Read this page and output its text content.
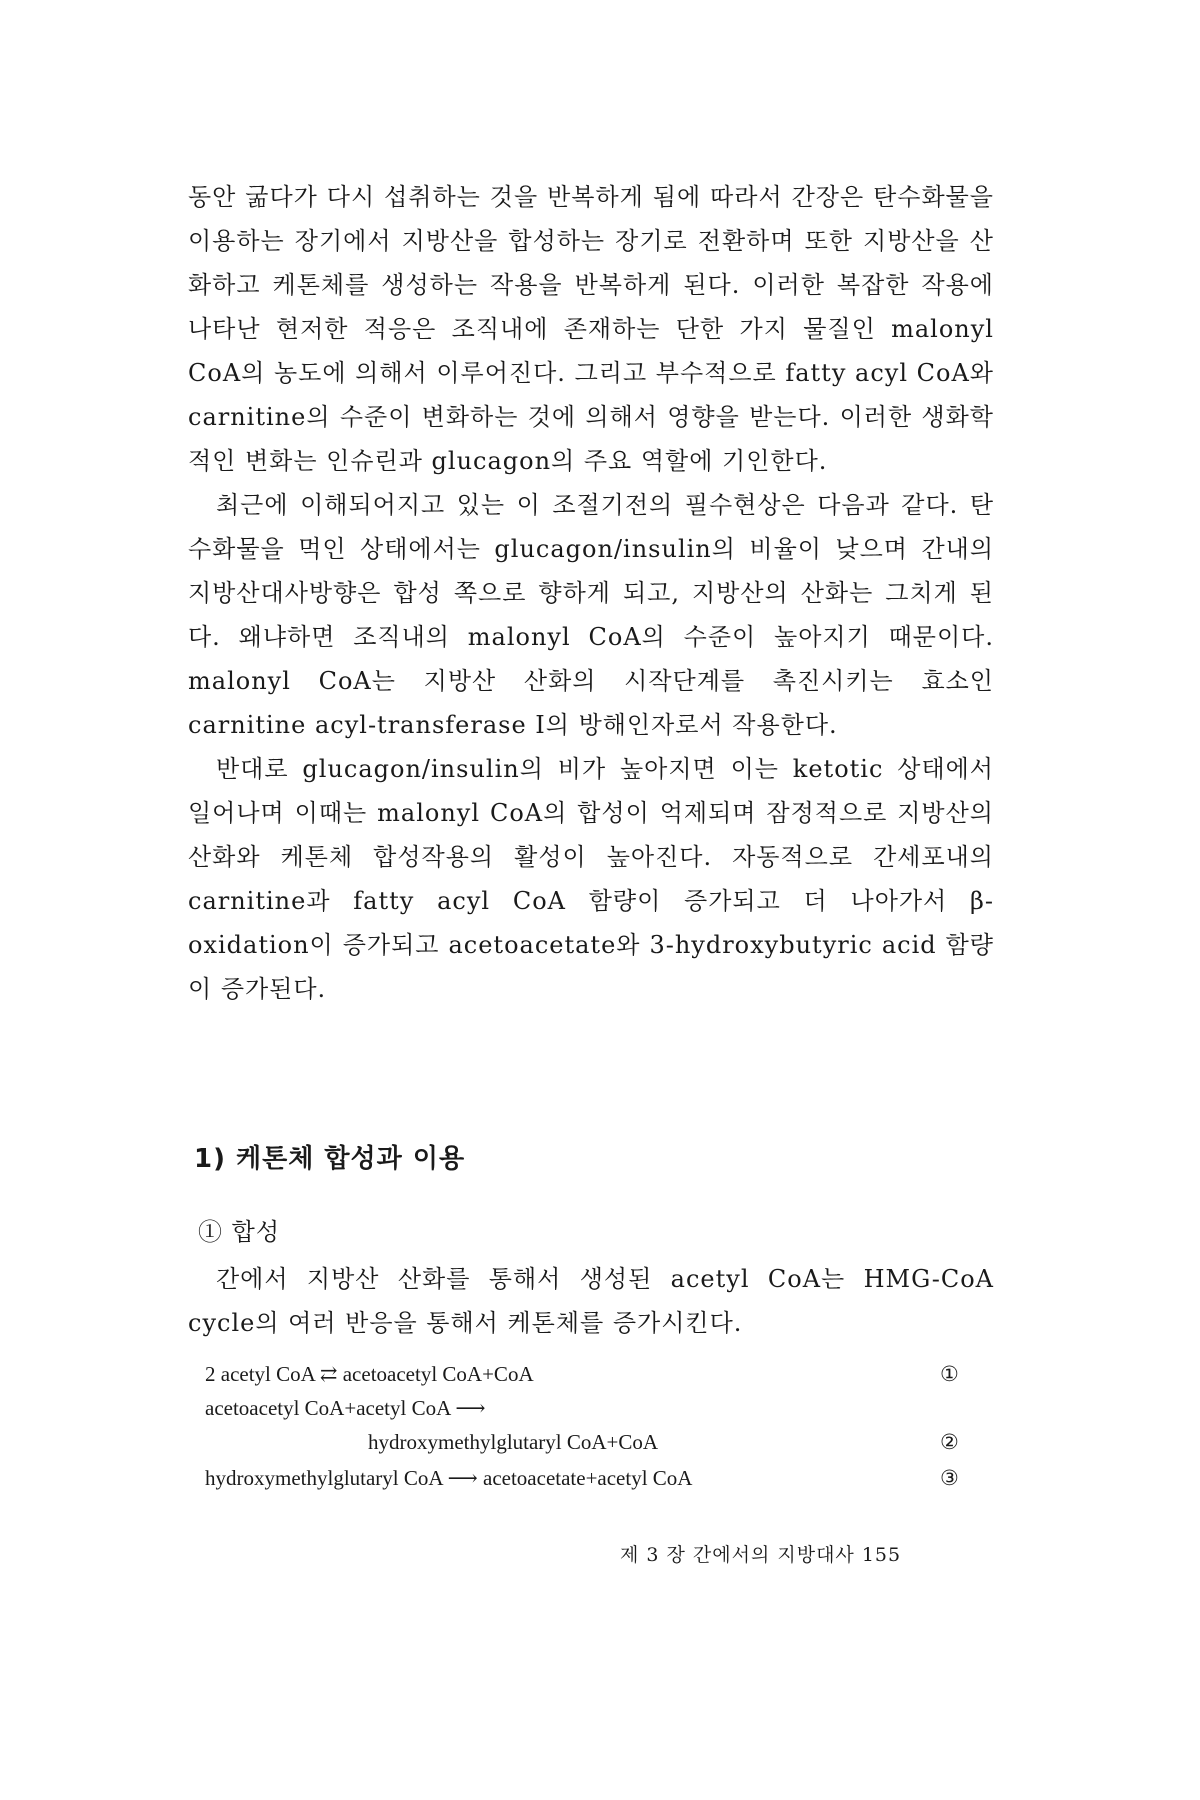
동안 굶다가 다시 섭취하는 것을 반복하게 됨에 따라서 간장은 탄수화물을 이용하는 장기에서 지방산을 합성하는 장기로 전환하며 또한 지방산을 산화하고 케톤체를 생성하는 작용을 반복하게 된다. 이러한 복잡한 작용에 나타난 현저한 적응은 조직내에 존재하는 단한 가지 물질인 malonyl CoA의 농도에 의해서 이루어진다. 그리고 부수적으로 fatty acyl CoA와 carnitine의 수준이 변화하는 것에 의해서 영향을 받는다. 이러한 생화학적인 변화는 인슈린과 glucagon의 주요 역할에 기인한다.

최근에 이해되어지고 있는 이 조절기전의 필수현상은 다음과 같다. 탄수화물을 먹인 상태에서는 glucagon/insulin의 비율이 낮으며 간내의 지방산대사방향은 합성 쪽으로 향하게 되고, 지방산의 산화는 그치게 된다. 왜냐하면 조직내의 malonyl CoA의 수준이 높아지기 때문이다. malonyl CoA는 지방산 산화의 시작단계를 촉진시키는 효소인 carnitine acyl-transferase I의 방해인자로서 작용한다.

반대로 glucagon/insulin의 비가 높아지면 이는 ketotic 상태에서 일어나며 이때는 malonyl CoA의 합성이 억제되며 잠정적으로 지방산의 산화와 케톤체 합성작용의 활성이 높아진다. 자동적으로 간세포내의 carnitine과 fatty acyl CoA 함량이 증가되고 더 나아가서 β-oxidation이 증가되고 acetoacetate와 3-hydroxybutyric acid 함량이 증가된다.

1) 케톤체 합성과 이용
① 합성

간에서 지방산 산화를 통해서 생성된 acetyl CoA는 HMG-CoA cycle의 여러 반응을 통해서 케톤체를 증가시킨다.

2 acetyl CoA ⇄ acetoacetyl CoA+CoA	①
acetoacetyl CoA+acetyl CoA ⟶
hydroxymethylglutaryl CoA+CoA	②
hydroxymethylglutaryl CoA ⟶ acetoacetate+acetyl CoA	③
제 3 장 간에서의 지방대사 155
